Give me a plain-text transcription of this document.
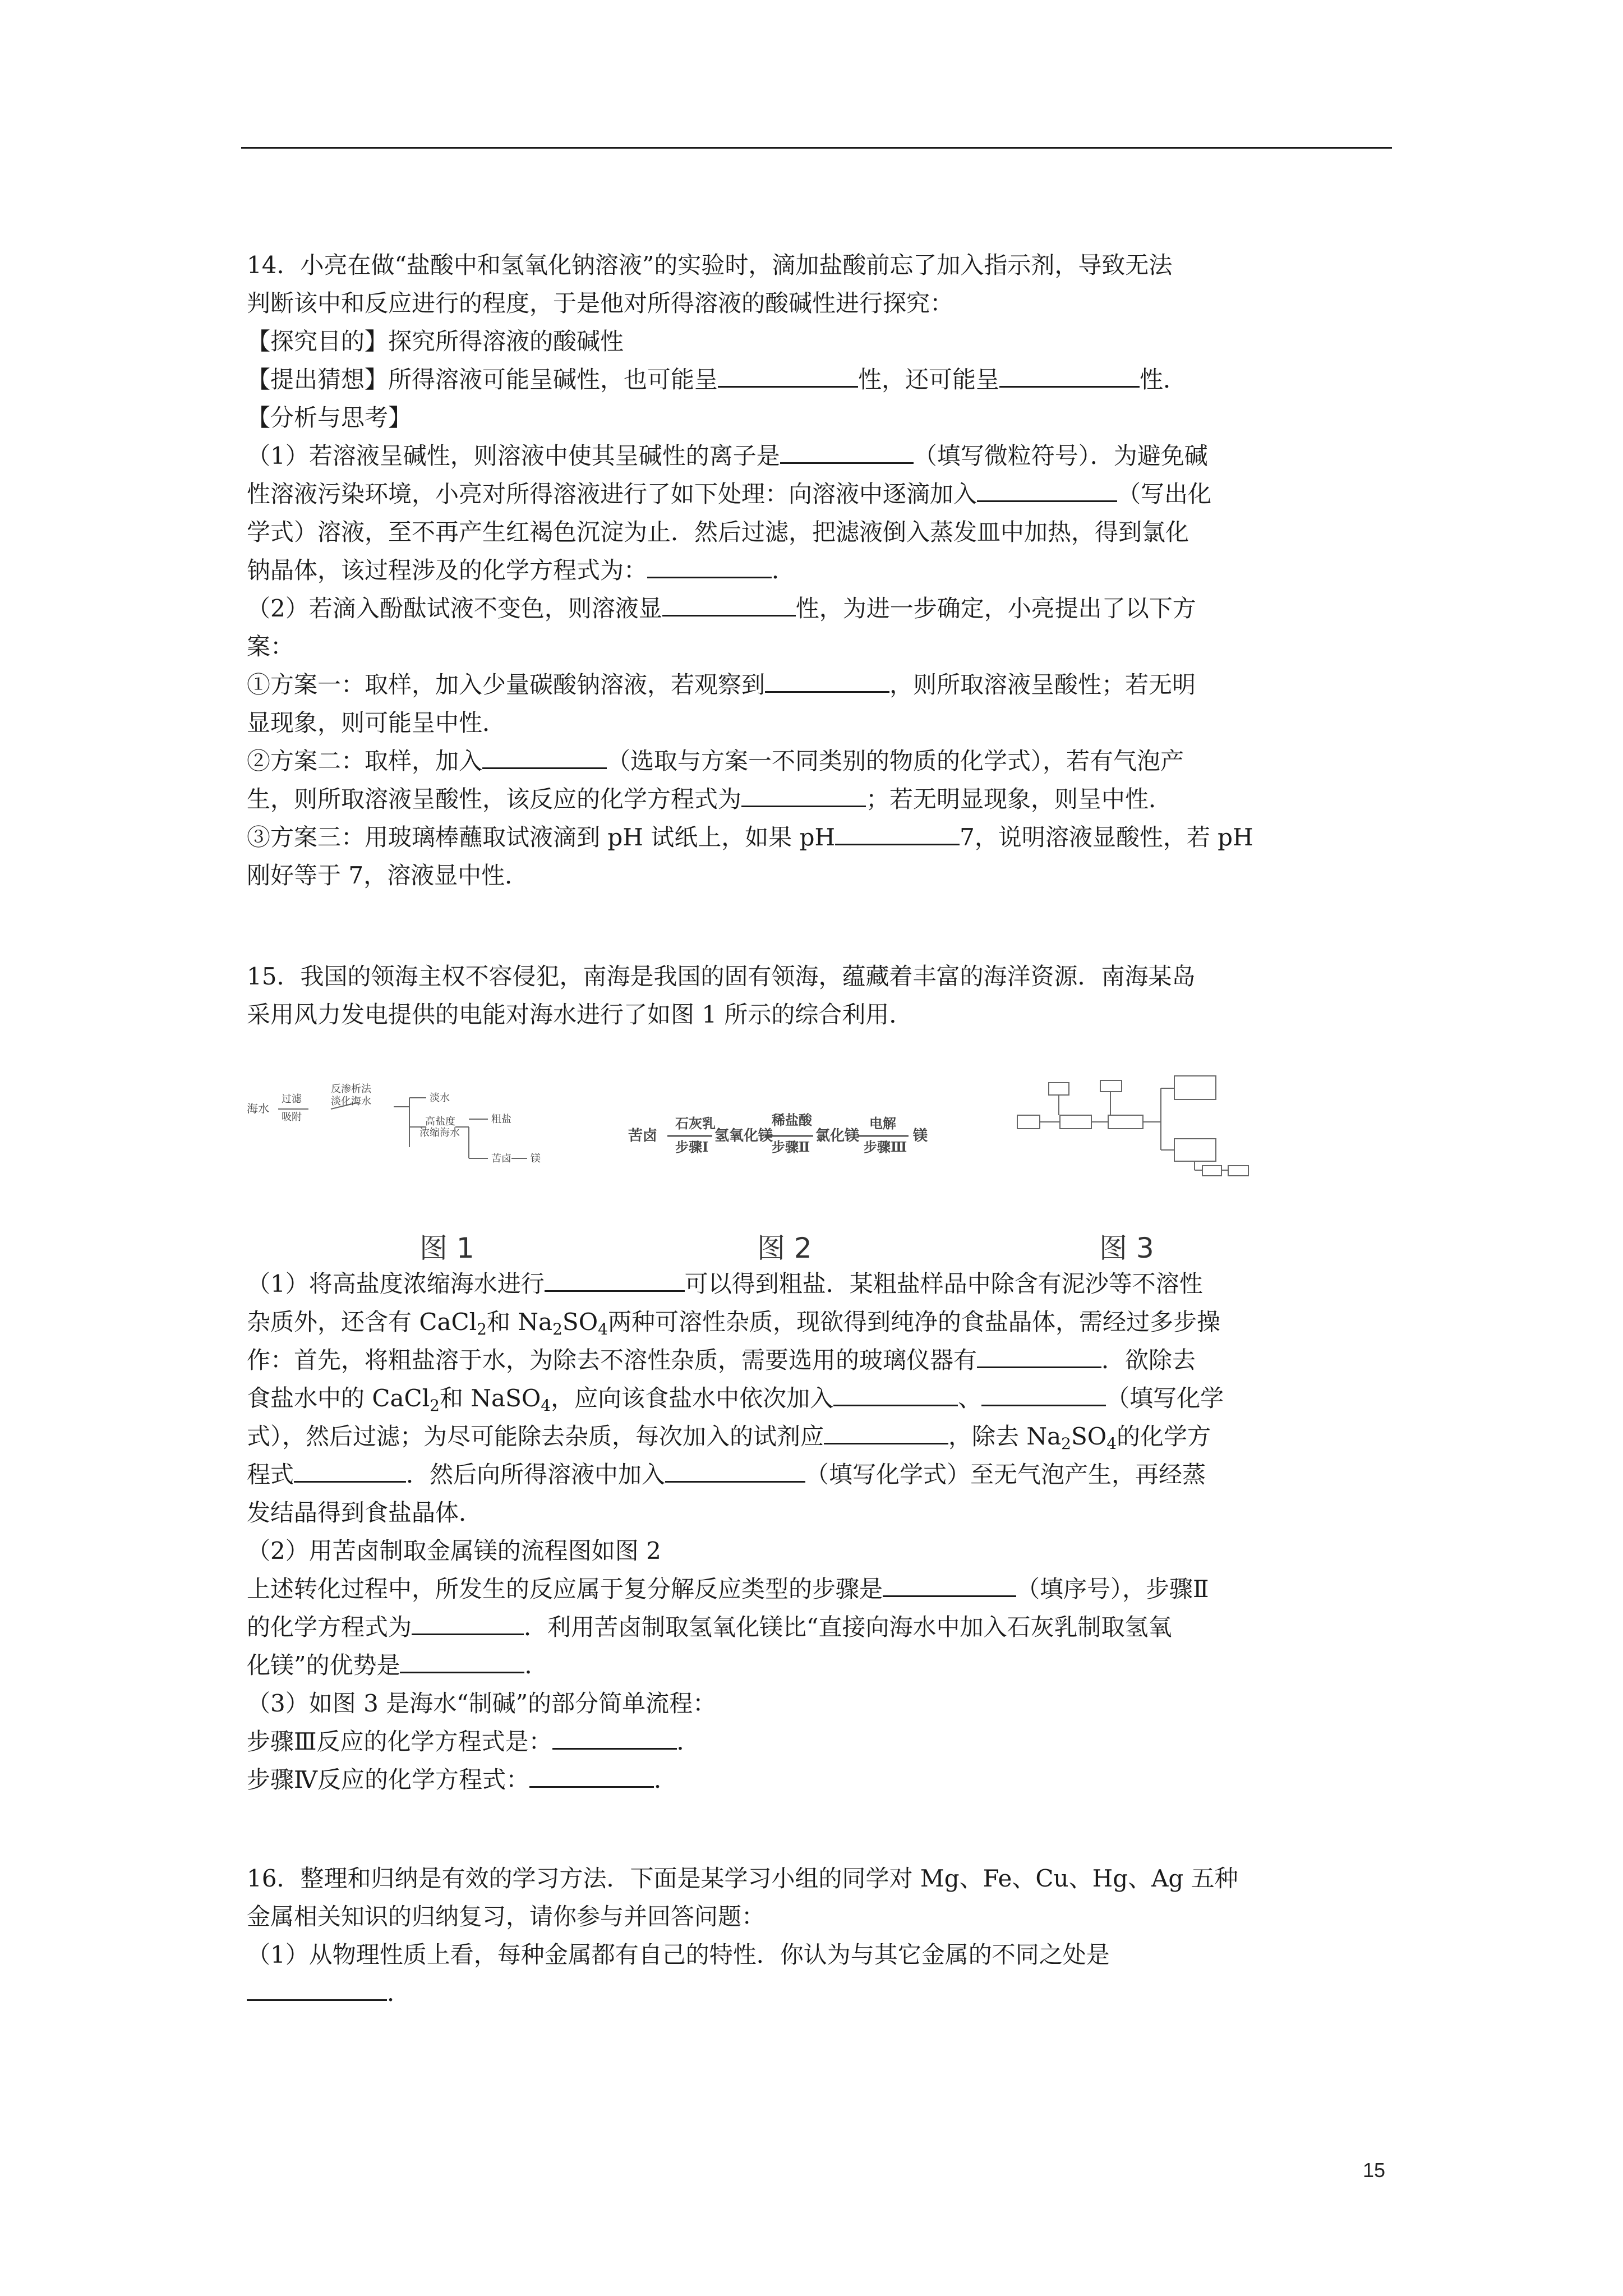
14．小亮在做“盐酸中和氢氧化钠溶液”的实验时，滴加盐酸前忘了加入指示剂，导致无法
判断该中和反应进行的程度，于是他对所得溶液的酸碱性进行探究：
【探究目的】探究所得溶液的酸碱性
【提出猜想】所得溶液可能呈碱性，也可能呈	性，还可能呈	性．
【分析与思考】
（1）若溶液呈碱性，则溶液中使其呈碱性的离子是	（填写微粒符号）．为避免碱
性溶液污染环境，小亮对所得溶液进行了如下处理：向溶液中逐滴加入	（写出化
学式）溶液，至不再产生红褐色沉淀为止．然后过滤，把滤液倒入蒸发皿中加热，得到氯化
钠晶体，该过程涉及的化学方程式为：	．
（2）若滴入酚酞试液不变色，则溶液显	性，为进一步确定，小亮提出了以下方
案：
①方案一：取样，加入少量碳酸钠溶液，若观察到	，则所取溶液呈酸性；若无明
显现象，则可能呈中性．
②方案二：取样，加入	（选取与方案一不同类别的物质的化学式），若有气泡产
生，则所取溶液呈酸性，该反应的化学方程式为	；若无明显现象，则呈中性．
③方案三：用玻璃棒蘸取试液滴到 pH 试纸上，如果 pH	7，说明溶液显酸性，若 pH
刚好等于 7，溶液显中性．
15．我国的领海主权不容侵犯，南海是我国的固有领海，蕴藏着丰富的海洋资源．南海某岛
采用风力发电提供的电能对海水进行了如图 1 所示的综合利用．
海水
过滤
吸附
反渗析法
淡化海水	淡水
高盐度
浓缩海水
粗盐
苦卤 镁
苦卤
石灰乳
步骤Ⅰ
氢氧化镁
稀盐酸
步骤Ⅱ
氯化镁
电解
步骤Ⅲ
镁
图 1	图 2	图 3
（1）将高盐度浓缩海水进行	可以得到粗盐．某粗盐样品中除含有泥沙等不溶性
杂质外，还含有 CaCl$_2$和 $Na_2SO_4$两种可溶性杂质，现欲得到纯净的食盐晶体，需经过多步操
作：首先，将粗盐溶于水，为除去不溶性杂质，需要选用的玻璃仪器有	．欲除去
食盐水中的 CaCl$_2$和 NaSO$_4$，应向该食盐水中依次加入	、	（填写化学
式），然后过滤；为尽可能除去杂质，每次加入的试剂应	，除去 $Na_2SO_4$的化学方
程式	．然后向所得溶液中加入	（填写化学式）至无气泡产生，再经蒸
发结晶得到食盐晶体．
（2）用苦卤制取金属镁的流程图如图 2
上述转化过程中，所发生的反应属于复分解反应类型的步骤是	（填序号），步骤Ⅱ
的化学方程式为	．利用苦卤制取氢氧化镁比“直接向海水中加入石灰乳制取氢氧
化镁”的优势是	．
（3）如图 3 是海水“制碱”的部分简单流程：
步骤Ⅲ反应的化学方程式是：	．
步骤Ⅳ反应的化学方程式：	．
16．整理和归纳是有效的学习方法．下面是某学习小组的同学对 Mg、Fe、Cu、Hg、Ag 五种
金属相关知识的归纳复习，请你参与并回答问题：
（1）从物理性质上看，每种金属都有自己的特性．你认为与其它金属的不同之处是
．
15
